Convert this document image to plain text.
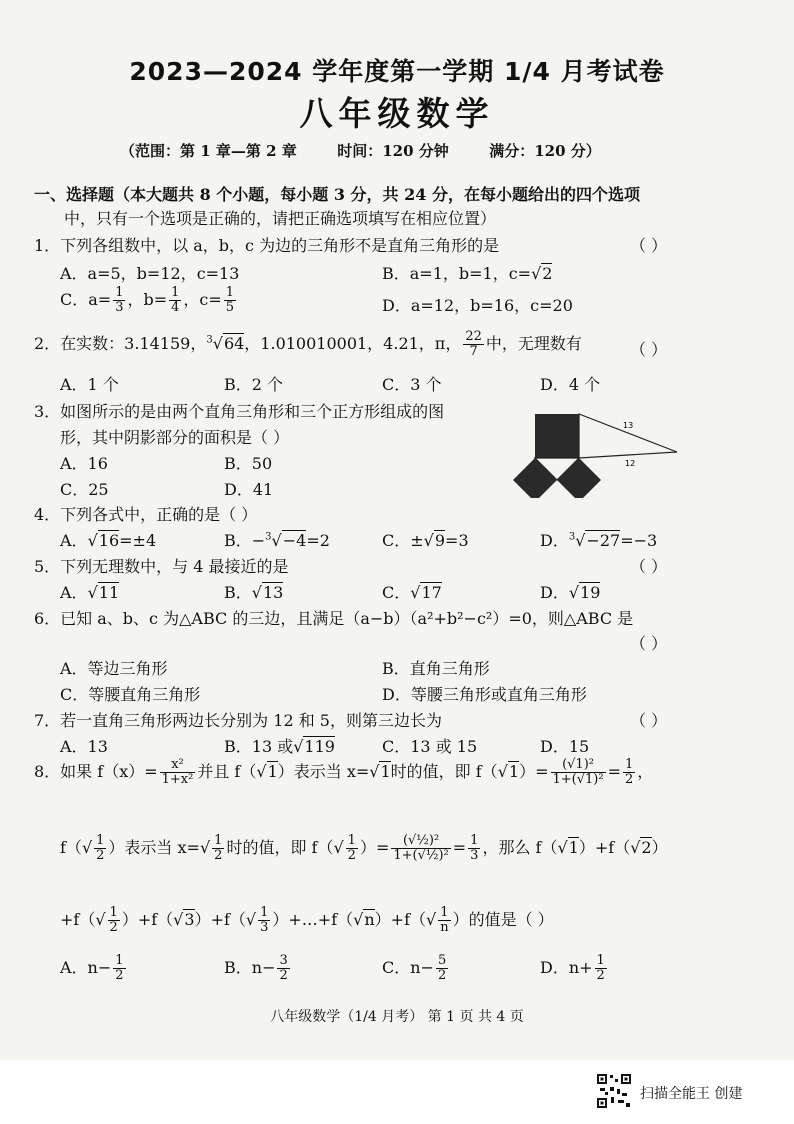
2023—2024 学年度第一学期 1/4 月考试卷
八年级数学
（范围：第 1 章—第 2 章	时间：120 分钟	满分：120 分）
一、选择题（本大题共 8 个小题，每小题 3 分，共 24 分，在每小题给出的四个选项
中，只有一个选项是正确的，请把正确选项填写在相应位置）
1．下列各组数中，以 a，b，c 为边的三角形不是直角三角形的是	（ ）
A．a=5，b=12，c=13	B．a=1，b=1，c=√2
C．$a= \frac{1}{3}$ ，$b= \frac{1}{4}$ ，$c= \frac{1}{5}$	D．a=12，b=16，c=20
2．在实数：3.14159，$^3$√64，1.010010001，4.21，π， $\frac{22}{7}$ 中，无理数有	（ ）
A．1 个	B．2 个	C．3 个	D．4 个
3．如图所示的是由两个直角三角形和三个正方形组成的图
形，其中阴影部分的面积是（ ）
A．16	B．50
C．25	D．41
13
12
4．下列各式中，正确的是（ ）
A．√16=±4	B．−$^3$√−4=2	C．±√9=3	D．$^3$√−27=−3
5．下列无理数中，与 4 最接近的是	（ ）
A．√11	B．√13	C．√17	D．√19
6．已知 a、b、c 为△ABC 的三边，且满足（a−b）（a²+b²−c²）=0，则△ABC 是
（ ）
A．等边三角形	B．直角三角形
C．等腰直角三角形	D．等腰三角形或直角三角形
7．若一直角三角形两边长分别为 12 和 5，则第三边长为	（ ）
A．13	B．13 或√119	C．13 或 15	D．15
8．如果 $f(x)= \frac{\text{x²}}{\text{1+x²}}$ 并且 f（√1）表示当 x=√1时的值，即 $f(√1)= \frac{\text{(√1)²}}{\text{1+(√1)²}} = \frac{1}{2}$ ，
$f(√ \frac{1}{2}$ ）表示当 $x=√ \frac{1}{2}$ 时的值，即 $f(√ \frac{1}{2}$ ）= $\frac{\text{(√½)²}}{\text{1+(√½)²}} = \frac{1}{3}$ ，那么 f（√1）+f（√2）
$+f(√ \frac{1}{2} )+f(√3)+f(√ \frac{1}{3}$ ）+…+f（√n）+f（√ $\frac{1}{n}$ ）的值是（ ）
A．$n- \frac{1}{2}$	B．$n- \frac{3}{2}$	C．$n- \frac{5}{2}$	D．$n+ \frac{1}{2}$
八年级数学（1/4 月考） 第 1 页 共 4 页
扫描全能王 创建
